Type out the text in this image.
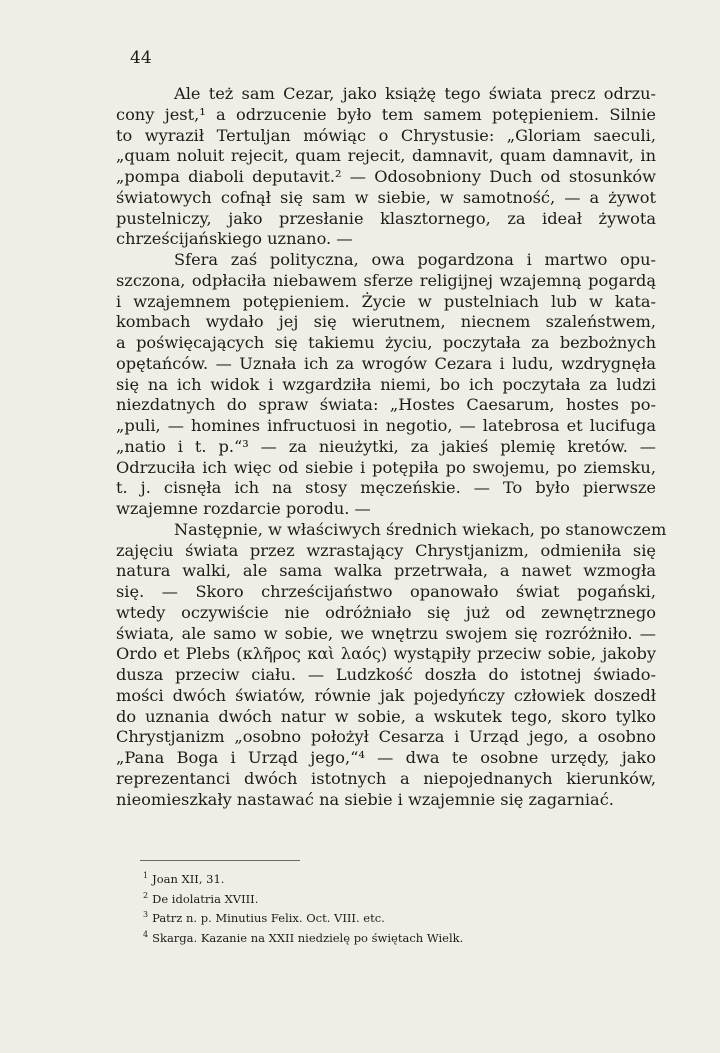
44
Ale też sam Cezar, jako książę tego świata precz odrzu-
cony jest,¹ a odrzucenie było tem samem potępieniem. Silnie
to wyraził Tertuljan mówiąc o Chrystusie: „Gloriam saeculi,
„quam noluit rejecit, quam rejecit, damnavit, quam damnavit, in
„pompa diaboli deputavit.² — Odosobniony Duch od stosunków
światowych cofnął się sam w siebie, w samotność, — a żywot
pustelniczy, jako przesłanie klasztornego, za ideał żywota
chrześcijańskiego uznano. —
Sfera zaś polityczna, owa pogardzona i martwo opu-
szczona, odpłaciła niebawem sferze religijnej wzajemną pogardą
i wzajemnem potępieniem. Życie w pustelniach lub w kata-
kombach wydało jej się wierutnem, niecnem szaleństwem,
a poświęcających się takiemu życiu, poczytała za bezbożnych
opętańców. — Uznała ich za wrogów Cezara i ludu, wzdrygnęła
się na ich widok i wzgardziła niemi, bo ich poczytała za ludzi
niezdatnych do spraw świata: „Hostes Caesarum, hostes po-
„puli, — homines infructuosi in negotio, — latebrosa et lucifuga
„natio i t. p.“³ — za nieużytki, za jakieś plemię kretów. —
Odrzuciła ich więc od siebie i potępiła po swojemu, po ziemsku,
t. j. cisnęła ich na stosy męczeńskie. — To było pierwsze
wzajemne rozdarcie porodu. —
Następnie, w właściwych średnich wiekach, po stanowczem
zajęciu świata przez wzrastający Chrystjanizm, odmieniła się
natura walki, ale sama walka przetrwała, a nawet wzmogła
się. — Skoro chrześcijaństwo opanowało świat pogański,
wtedy oczywiście nie odróżniało się już od zewnętrznego
świata, ale samo w sobie, we wnętrzu swojem się rozróżniło. —
Ordo et Plebs (κλῆρος καὶ λαός) wystąpiły przeciw sobie, jakoby
dusza przeciw ciału. — Ludzkość doszła do istotnej świado-
mości dwóch światów, równie jak pojedyńczy człowiek doszedł
do uznania dwóch natur w sobie, a wskutek tego, skoro tylko
Chrystjanizm „osobno położył Cesarza i Urząd jego, a osobno
„Pana Boga i Urząd jego,“⁴ — dwa te osobne urzędy, jako
reprezentanci dwóch istotnych a niepojednanych kierunków,
nieomieszkały nastawać na siebie i wzajemnie się zagarniać.
$^1$ Joan XII, 31.
$^2$ De idolatria XVIII.
$^3$ Patrz n. p. Minutius Felix. Oct. VIII. etc.
$^4$ Skarga. Kazanie na XXII niedzielę po świętach Wielk.
